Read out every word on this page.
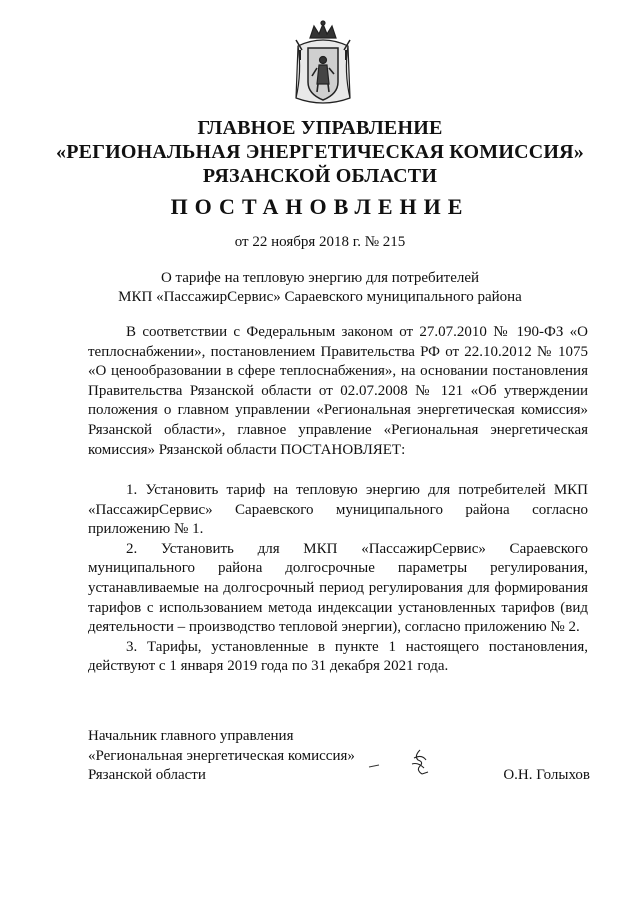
ГЛАВНОЕ УПРАВЛЕНИЕ
«РЕГИОНАЛЬНАЯ ЭНЕРГЕТИЧЕСКАЯ КОМИССИЯ»
РЯЗАНСКОЙ ОБЛАСТИ
ПОСТАНОВЛЕНИЕ
от 22 ноября 2018 г. № 215
О тарифе на тепловую энергию для потребителей
МКП «ПассажирСервис» Сараевского муниципального района
В соответствии с Федеральным законом от 27.07.2010 № 190-ФЗ «О теплоснабжении», постановлением Правительства РФ от 22.10.2012 № 1075 «О ценообразовании в сфере теплоснабжения», на основании постановления Правительства Рязанской области от 02.07.2008 № 121 «Об утверждении положения о главном управлении «Региональная энергетическая комиссия» Рязанской области», главное управление «Региональная энергетическая комиссия» Рязанской области ПОСТАНОВЛЯЕТ:
1. Установить тариф на тепловую энергию для потребителей МКП «ПассажирСервис» Сараевского муниципального района согласно приложению № 1.
2. Установить для МКП «ПассажирСервис» Сараевского муниципального района долгосрочные параметры регулирования, устанавливаемые на долгосрочный период регулирования для формирования тарифов с использованием метода индексации установленных тарифов (вид деятельности – производство тепловой энергии), согласно приложению № 2.
3. Тарифы, установленные в пункте 1 настоящего постановления, действуют с 1 января 2019 года по 31 декабря 2021 года.
Начальник главного управления
«Региональная энергетическая комиссия»
Рязанской области	О.Н. Голыхов
